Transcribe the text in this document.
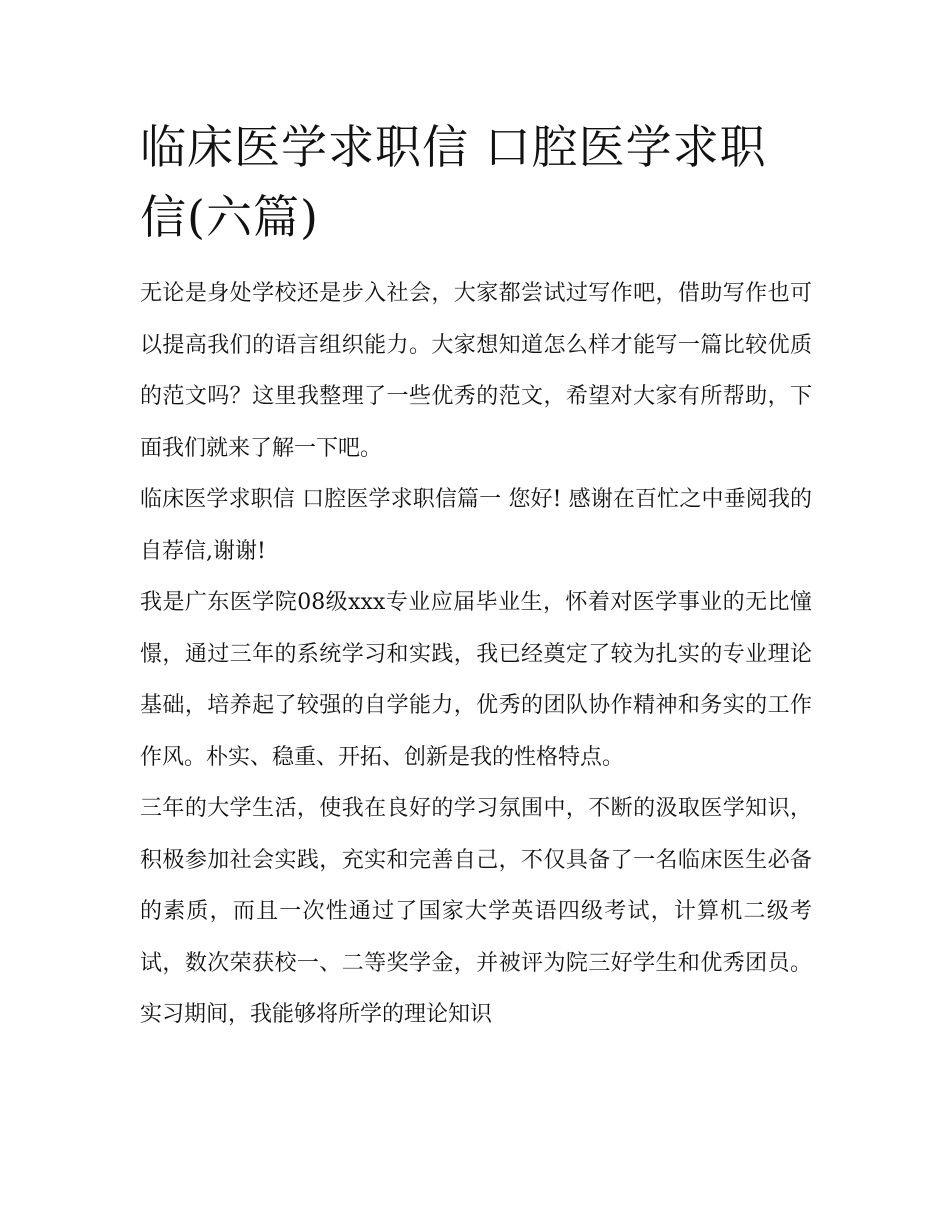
临床医学求职信 口腔医学求职信(六篇)

无论是身处学校还是步入社会，大家都尝试过写作吧，借助写作也可以提高我们的语言组织能力。大家想知道怎么样才能写一篇比较优质的范文吗？这里我整理了一些优秀的范文，希望对大家有所帮助，下面我们就来了解一下吧。

临床医学求职信 口腔医学求职信篇一 您好! 感谢在百忙之中垂阅我的自荐信,谢谢!

我是广东医学院08级xxx专业应届毕业生，怀着对医学事业的无比憧憬，通过三年的系统学习和实践，我已经奠定了较为扎实的专业理论基础，培养起了较强的自学能力，优秀的团队协作精神和务实的工作作风。朴实、稳重、开拓、创新是我的性格特点。

三年的大学生活，使我在良好的学习氛围中，不断的汲取医学知识，积极参加社会实践，充实和完善自己，不仅具备了一名临床医生必备的素质，而且一次性通过了国家大学英语四级考试，计算机二级考试，数次荣获校一、二等奖学金，并被评为院三好学生和优秀团员。实习期间，我能够将所学的理论知识
